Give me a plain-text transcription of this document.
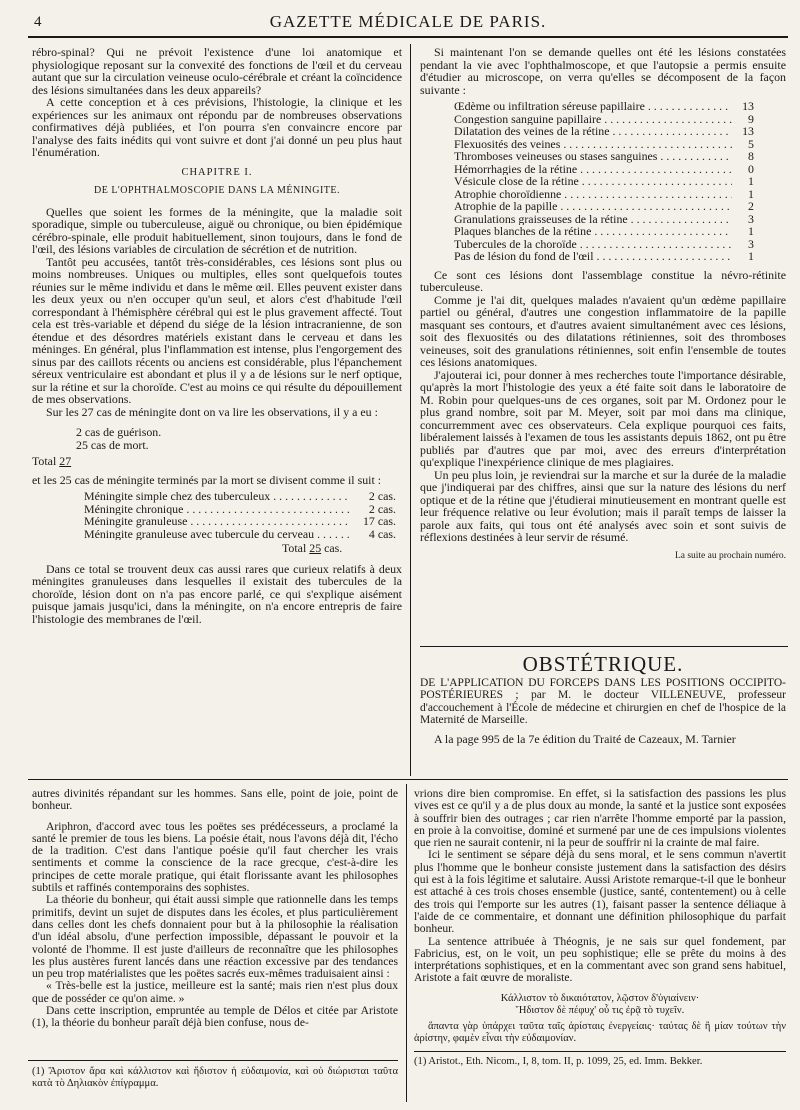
4	GAZETTE MÉDICALE DE PARIS.

rébro-spinal? Qui ne prévoit l'existence d'une loi anatomique et physiologique reposant sur la convexité des fonctions de l'œil et du cerveau autant que sur la circulation veineuse oculo-cérébrale et créant la coïncidence des lésions simultanées dans les deux appareils?

A cette conception et à ces prévisions, l'histologie, la clinique et les expériences sur les animaux ont répondu par de nombreuses observations confirmatives déjà publiées, et l'on pourra s'en convaincre encore par l'analyse des faits inédits qui vont suivre et dont j'ai donné un peu plus haut l'énumération.

CHAPITRE I.
DE L'OPHTHALMOSCOPIE DANS LA MÉNINGITE.

Quelles que soient les formes de la méningite, que la maladie soit sporadique, simple ou tuberculeuse, aiguë ou chronique, ou bien épidémique cérébro-spinale, elle produit habituellement, sinon toujours, dans le fond de l'œil, des lésions variables de circulation de sécrétion et de nutrition.

Tantôt peu accusées, tantôt très-considérables, ces lésions sont plus ou moins nombreuses. Uniques ou multiples, elles sont quelquefois toutes réunies sur le même individu et dans le même œil. Elles peuvent exister dans les deux yeux ou n'en occuper qu'un seul, et alors c'est d'habitude l'œil correspondant à l'hémisphère cérébral qui est le plus gravement affecté. Tout cela est très-variable et dépend du siége de la lésion intracranienne, de son étendue et des désordres matériels existant dans le cerveau et dans les méninges. En général, plus l'inflammation est intense, plus l'engorgement des sinus par des caillots récents ou anciens est considérable, plus l'épanchement séreux ventriculaire est abondant et plus il y a de lésions sur le nerf optique, sur la rétine et sur la choroïde. C'est au moins ce qui résulte du dépouillement de mes observations.

Sur les 27 cas de méningite dont on va lire les observations, il y a eu :

2 cas de guérison.
25 cas de mort.
Total 27

et les 25 cas de méningite terminés par la mort se divisent comme il suit :

Méningite simple chez des tuberculeux . . .	2 cas.
Méningite chronique . . .	2 cas.
Méningite granuleuse . . .	17 cas.
Méningite granuleuse avec tubercule du cerveau . . .	4 cas.
Total 25 cas.

Dans ce total se trouvent deux cas aussi rares que curieux relatifs à deux méningites granuleuses dans lesquelles il existait des tubercules de la choroïde, lésion dont on n'a pas encore parlé, ce qui s'explique aisément puisque jamais jusqu'ici, dans la méningite, on n'a encore entrepris de faire l'histologie des membranes de l'œil.

Si maintenant l'on se demande quelles ont été les lésions constatées pendant la vie avec l'ophthalmoscope, et que l'autopsie a permis ensuite d'étudier au microscope, on verra qu'elles se décomposent de la façon suivante :

Œdème ou infiltration séreuse papillaire . . .	13
Congestion sanguine papillaire . . .	9
Dilatation des veines de la rétine . . .	13
Flexuosités des veines . . .	5
Thromboses veineuses ou stases sanguines . . .	8
Hémorrhagies de la rétine . . .	0
Vésicule close de la rétine . . .	1
Atrophie choroïdienne . . .	1
Atrophie de la papille . . .	2
Granulations graisseuses de la rétine . . .	3
Plaques blanches de la rétine . . .	1
Tubercules de la choroïde . . .	3
Pas de lésion du fond de l'œil . . .	1

Ce sont ces lésions dont l'assemblage constitue la névro-rétinite tuberculeuse.

Comme je l'ai dit, quelques malades n'avaient qu'un œdème papillaire partiel ou général, d'autres une congestion inflammatoire de la papille masquant ses contours, et d'autres avaient simultanément avec ces lésions, soit des flexuosités ou des dilatations rétiniennes, soit des thromboses veineuses, soit des granulations rétiniennes, soit enfin l'ensemble de toutes ces lésions anatomiques.

J'ajouterai ici, pour donner à mes recherches toute l'importance désirable, qu'après la mort l'histologie des yeux a été faite soit dans le laboratoire de M. Robin pour quelques-uns de ces organes, soit par M. Ordonez pour le plus grand nombre, soit par M. Meyer, soit par moi dans ma clinique, concurremment avec ces observateurs. Cela explique pourquoi ces faits, libéralement laissés à l'examen de tous les assistants depuis 1862, ont pu être publiés par d'autres que par moi, avec des erreurs d'interprétation qu'explique l'inexpérience clinique de mes plagiaires.

Un peu plus loin, je reviendrai sur la marche et sur la durée de la maladie que j'indiquerai par des chiffres, ainsi que sur la nature des lésions du nerf optique et de la rétine que j'étudierai minutieusement en montrant quelle est leur fréquence relative ou leur évolution; mais il paraît temps de laisser la parole aux faits, qui tous ont été analysés avec soin et sont suivis de réflexions destinées à leur servir de résumé.

La suite au prochain numéro.
OBSTÉTRIQUE.

DE L'APPLICATION DU FORCEPS DANS LES POSITIONS OCCIPITO-POSTÉRIEURES ; par M. le docteur VILLENEUVE, professeur d'accouchement à l'École de médecine et chirurgien en chef de l'hospice de la Maternité de Marseille.

A la page 995 de la 7e édition du Traité de Cazeaux, M. Tarnier

autres divinités répandant sur les hommes. Sans elle, point de joie, point de bonheur.

Ariphron, d'accord avec tous les poëtes ses prédécesseurs, a proclamé la santé le premier de tous les biens. La poésie était, nous l'avons déjà dit, l'écho de la tradition. C'est dans l'antique poésie qu'il faut chercher les vrais sentiments et comme la conscience de la race grecque, c'est-à-dire les principes de cette morale pratique, qui était florissante avant les philosophes subtils et raffinés contemporains des sophistes.

La théorie du bonheur, qui était aussi simple que rationnelle dans les temps primitifs, devint un sujet de disputes dans les écoles, et plus particulièrement dans celles dont les chefs donnaient pour but à la philosophie la réalisation d'un idéal absolu, d'une perfection impossible, dépassant le pouvoir et la volonté de l'homme. Il est juste d'ailleurs de reconnaître que les philosophes les plus austères furent lancés dans une réaction excessive par des tendances un peu trop matérialistes que les poëtes sacrés eux-mêmes traduisaient ainsi :

« Très-belle est la justice, meilleure est la santé; mais rien n'est plus doux que de posséder ce qu'on aime. »

Dans cette inscription, empruntée au temple de Délos et citée par Aristote (1), la théorie du bonheur paraît déjà bien confuse, nous de-

(1) Ἄριστον ἄρα καὶ κάλλιστον καὶ ἥδιστον ἡ εὐδαιμονία, καὶ οὐ διώρισται ταῦτα κατὰ τὸ Δηλιακὸν ἐπίγραμμα.

vrions dire bien compromise. En effet, si la satisfaction des passions les plus vives est ce qu'il y a de plus doux au monde, la santé et la justice sont exposées à souffrir bien des outrages ; car rien n'arrête l'homme emporté par la passion, en proie à la convoitise, dominé et surmené par une de ces impulsions violentes que rien ne saurait contenir, ni la peur de souffrir ni la crainte de mal faire.

Ici le sentiment se sépare déjà du sens moral, et le sens commun n'avertit plus l'homme que le bonheur consiste justement dans la satisfaction des désirs qui est à la fois légitime et salutaire. Aussi Aristote remarque-t-il que le bonheur est attaché à ces trois choses ensemble (justice, santé, contentement) ou à celle des trois qui l'emporte sur les autres (1), faisant passer la sentence déliaque à l'aide de ce commentaire, et donnant une définition philosophique du parfait bonheur.

La sentence attribuée à Théognis, je ne sais sur quel fondement, par Fabricius, est, on le voit, un peu sophistique; elle se prête du moins à des interprétations sophistiques, et en la commentant avec son grand sens habituel, Aristote a fait œuvre de moraliste.

Κάλλιστον τὸ δικαιότατον, λῷστον δ'ὑγιαίνειν·
Ἥδιστον δὲ πέφυχ' οὗ τις ἐρᾷ τὸ τυχεῖν.

ἅπαντα γὰρ ὑπάρχει ταῦτα ταῖς ἀρίσταις ἐνεργείαις· ταύτας δὲ ἢ μίαν τούτων τὴν ἀρίστην, φαμὲν εἶναι τὴν εὐδαιμονίαν.

(1) Aristot., Eth. Nicom., I, 8, tom. II, p. 1099, 25, ed. Imm. Bekker.
